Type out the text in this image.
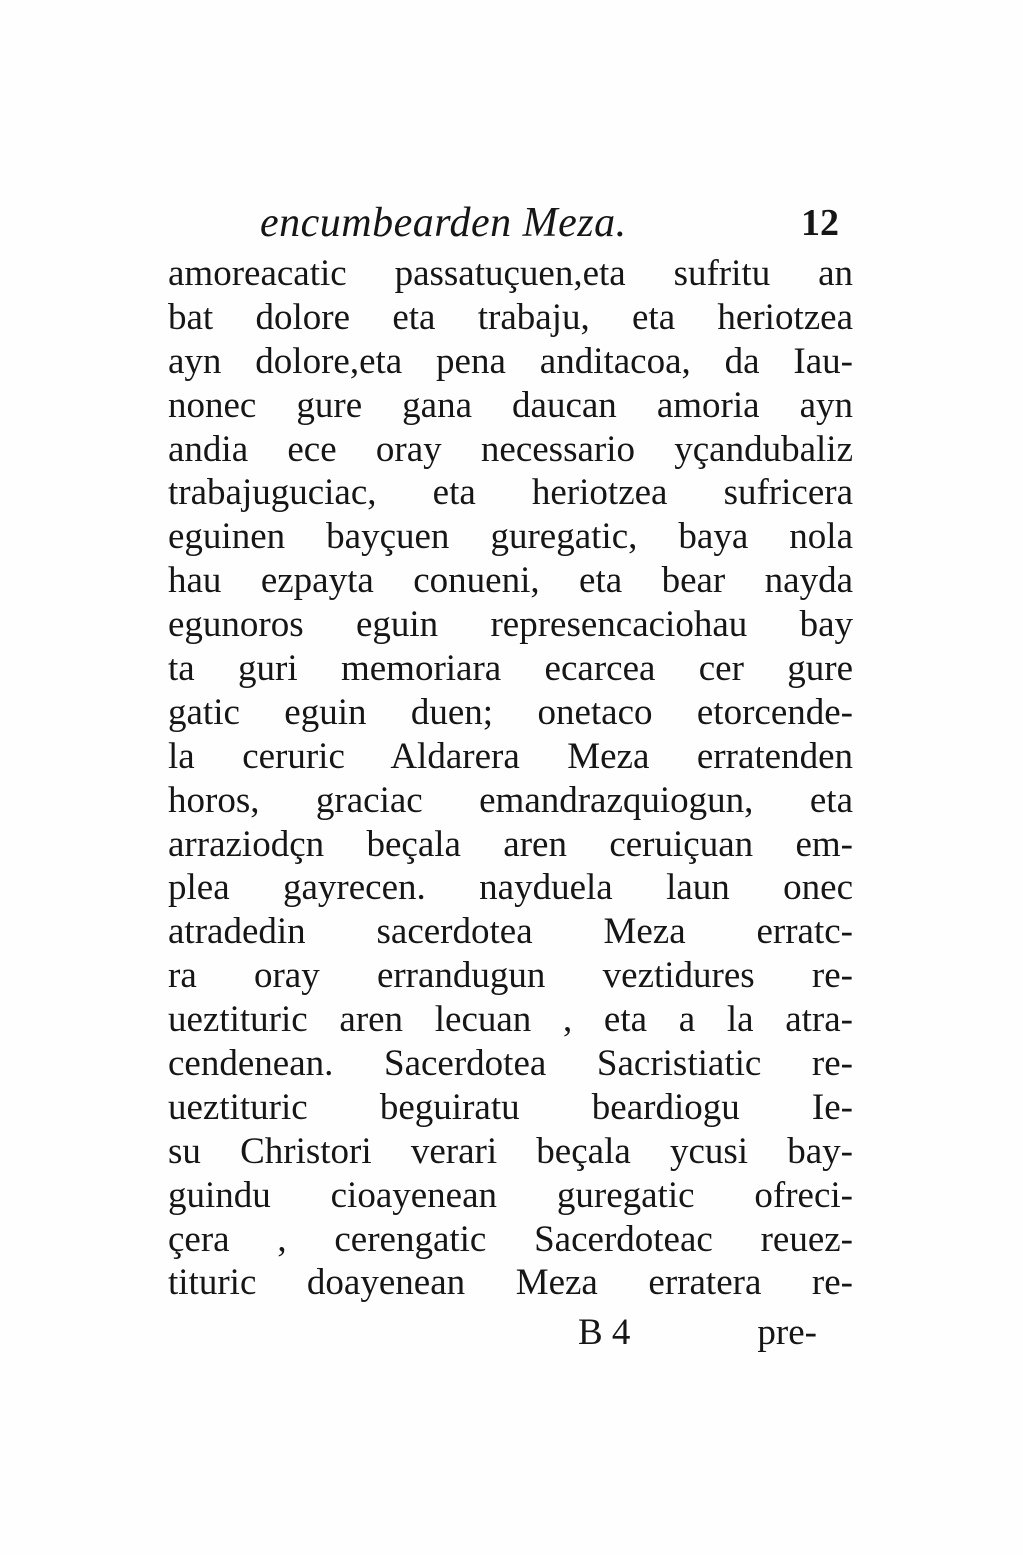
encumbearden Meza.	12
amoreacatic passatuçuen,eta sufritu an
bat dolore eta trabaju, eta heriotzea
ayn dolore,eta pena anditacoa, da Iau-
nonec gure gana daucan amoria ayn
andia ece oray necessario yçandubaliz
trabajuguciac, eta heriotzea sufricera
eguinen bayçuen guregatic, baya nola
hau ezpayta conueni, eta bear nayda
egunoros eguin represencaciohau bay
ta guri memoriara ecarcea cer gure
gatic eguin duen; onetaco etorcende-
la ceruric Aldarera Meza erratenden
horos, graciac emandrazquiogun, eta
arraziodçn beçala aren ceruiçuan em-
plea gayrecen. nayduela laun onec
atradedin sacerdotea Meza erratc-
ra oray errandugun veztidures re-
ueztituric aren lecuan , eta a la atra-
cendenean. Sacerdotea Sacristiatic re-
ueztituric beguiratu beardiogu Ie-
su Christori verari beçala ycusi bay-
guindu cioayenean guregatic ofreci-
çera , cerengatic Sacerdoteac reuez-
tituric doayenean Meza erratera re-
B 4	pre-
